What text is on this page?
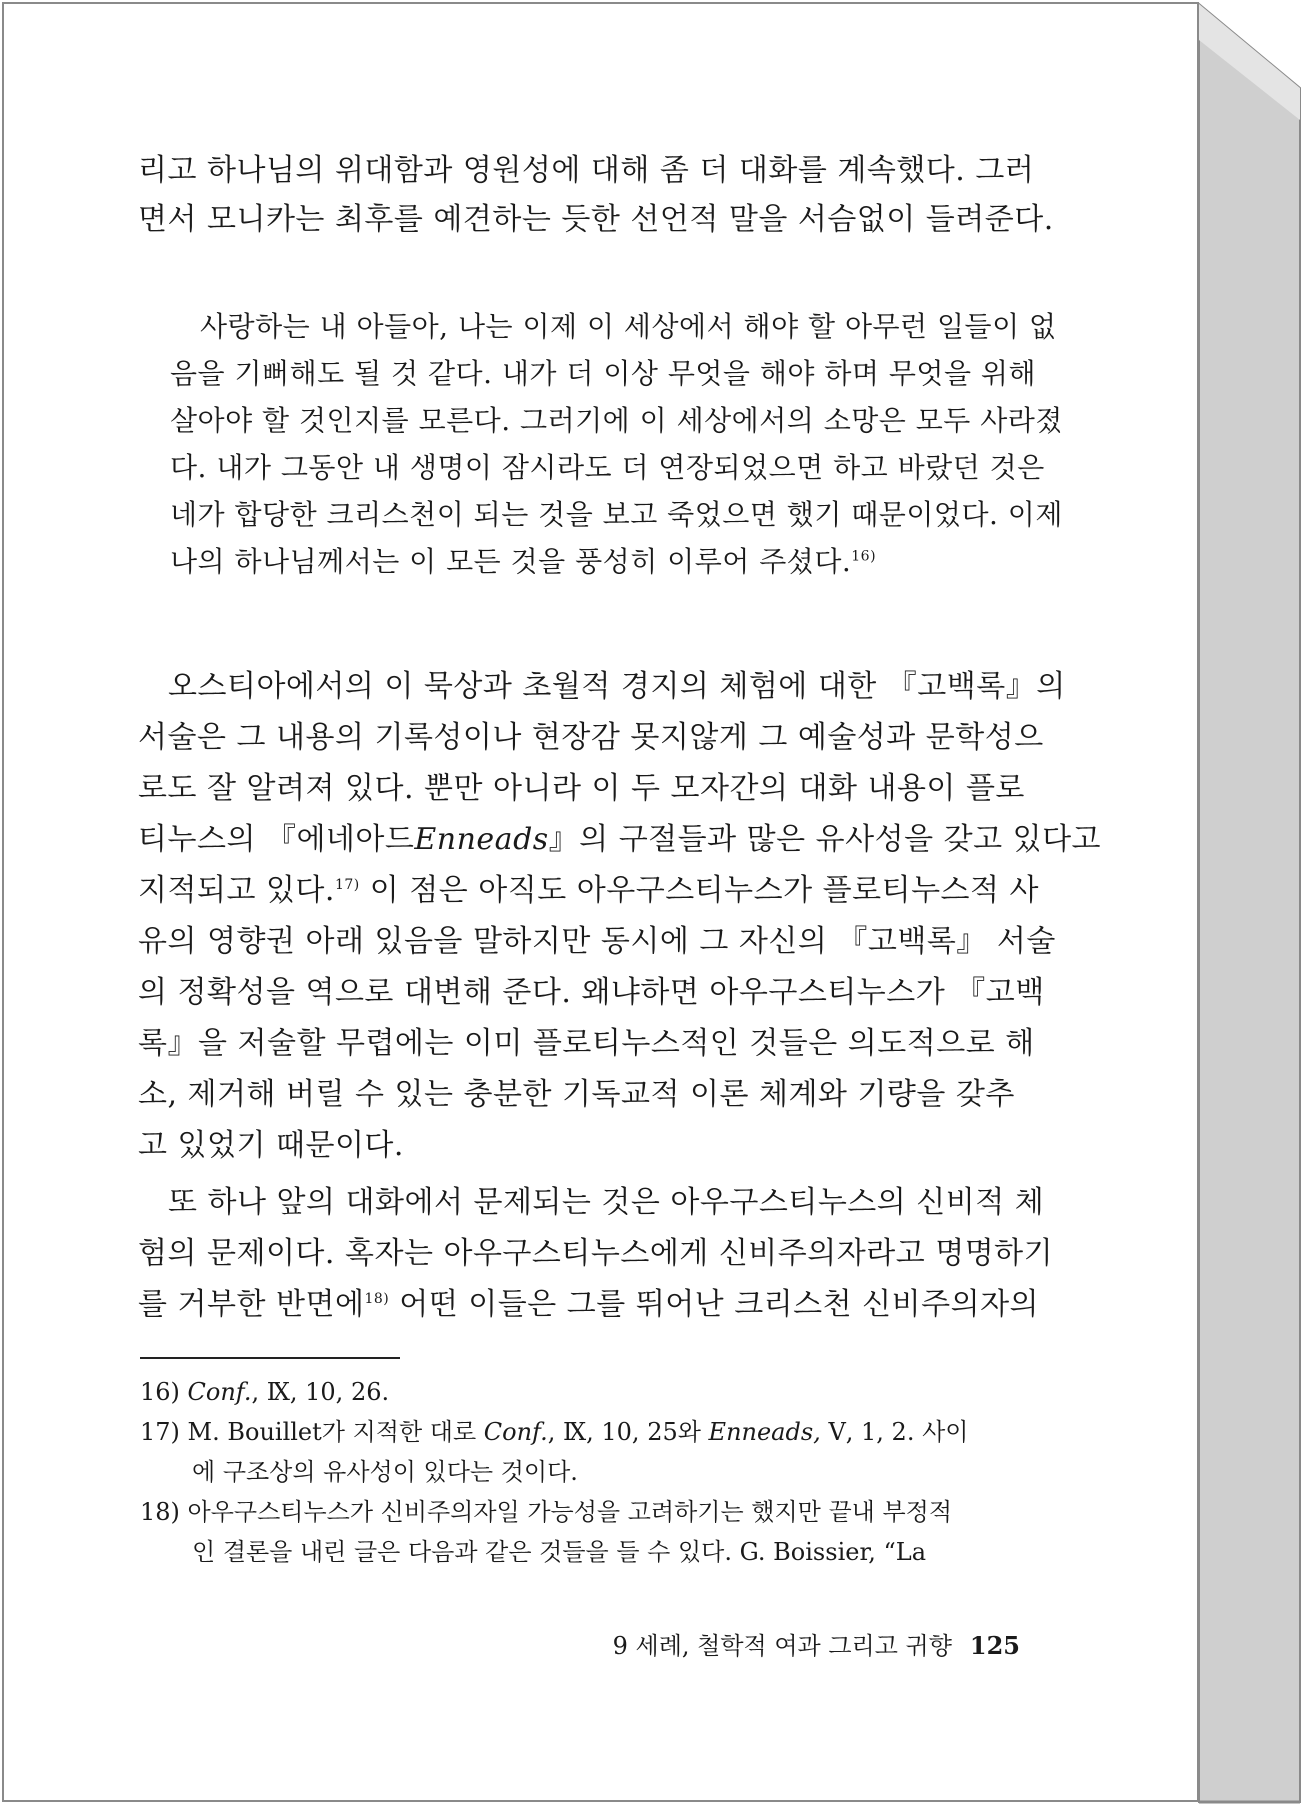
리고 하나님의 위대함과 영원성에 대해 좀 더 대화를 계속했다. 그러
면서 모니카는 최후를 예견하는 듯한 선언적 말을 서슴없이 들려준다.
사랑하는 내 아들아, 나는 이제 이 세상에서 해야 할 아무런 일들이 없
음을 기뻐해도 될 것 같다. 내가 더 이상 무엇을 해야 하며 무엇을 위해
살아야 할 것인지를 모른다. 그러기에 이 세상에서의 소망은 모두 사라졌
다. 내가 그동안 내 생명이 잠시라도 더 연장되었으면 하고 바랐던 것은
네가 합당한 크리스천이 되는 것을 보고 죽었으면 했기 때문이었다. 이제
나의 하나님께서는 이 모든 것을 풍성히 이루어 주셨다.$^{16)}$
오스티아에서의 이 묵상과 초월적 경지의 체험에 대한 『고백록』의
서술은 그 내용의 기록성이나 현장감 못지않게 그 예술성과 문학성으
로도 잘 알려져 있다. 뿐만 아니라 이 두 모자간의 대화 내용이 플로
티누스의 『에네아드Enneads』의 구절들과 많은 유사성을 갖고 있다고
지적되고 있다.$^{17)}$ 이 점은 아직도 아우구스티누스가 플로티누스적 사
유의 영향권 아래 있음을 말하지만 동시에 그 자신의 『고백록』 서술
의 정확성을 역으로 대변해 준다. 왜냐하면 아우구스티누스가 『고백
록』을 저술할 무렵에는 이미 플로티누스적인 것들은 의도적으로 해
소, 제거해 버릴 수 있는 충분한 기독교적 이론 체계와 기량을 갖추
고 있었기 때문이다.
또 하나 앞의 대화에서 문제되는 것은 아우구스티누스의 신비적 체
험의 문제이다. 혹자는 아우구스티누스에게 신비주의자라고 명명하기
를 거부한 반면에$^{18)}$ 어떤 이들은 그를 뛰어난 크리스천 신비주의자의
16) Conf., Ⅸ, 10, 26.
17) M. Bouillet가 지적한 대로 Conf., Ⅸ, 10, 25와 Enneads, Ⅴ, 1, 2. 사이
에 구조상의 유사성이 있다는 것이다.
18) 아우구스티누스가 신비주의자일 가능성을 고려하기는 했지만 끝내 부정적
인 결론을 내린 글은 다음과 같은 것들을 들 수 있다. G. Boissier, “La
9 세례, 철학적 여과 그리고 귀향 125
